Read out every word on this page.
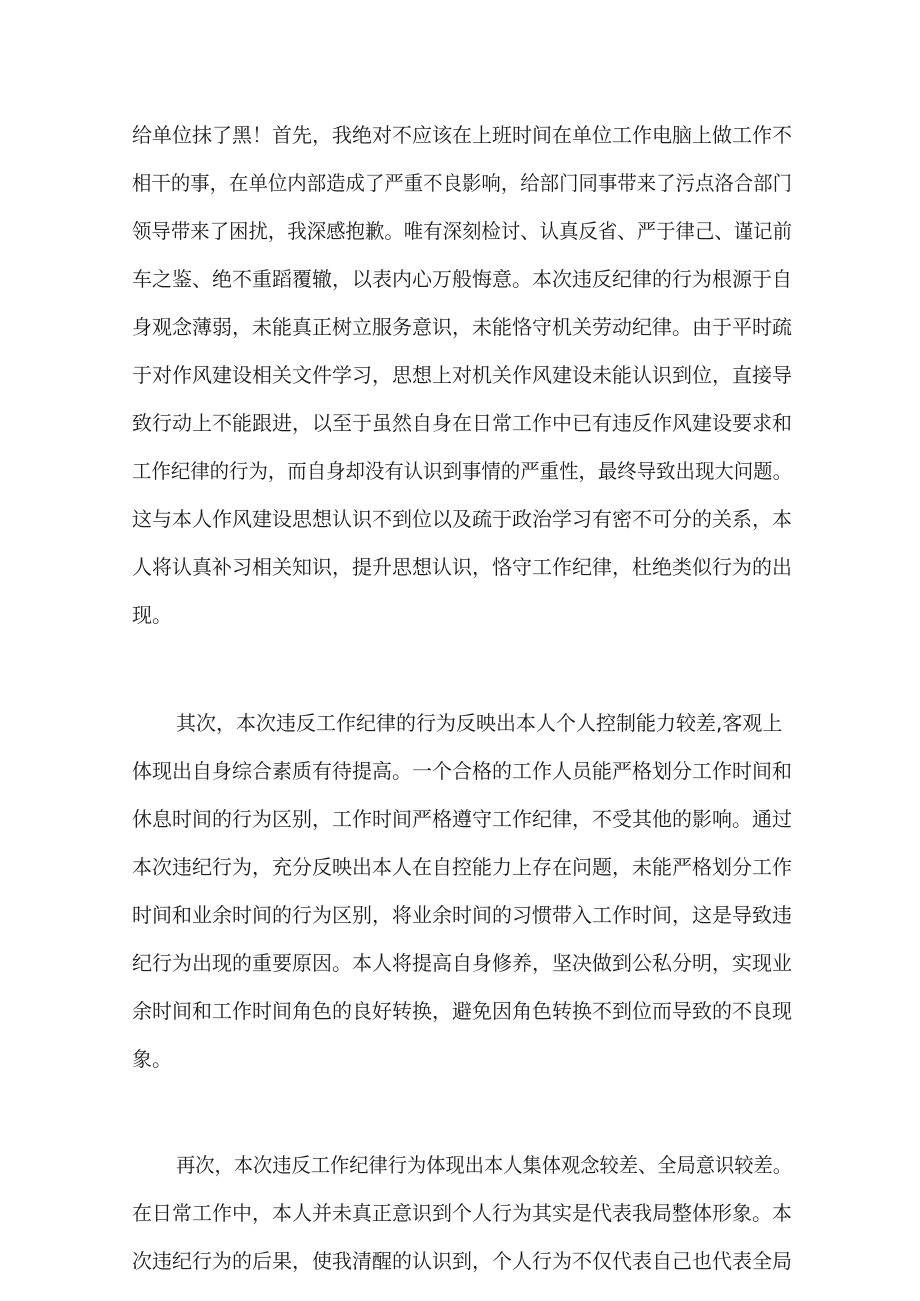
给单位抹了黑！首先，我绝对不应该在上班时间在单位工作电脑上做工作不
相干的事，在单位内部造成了严重不良影响，给部门同事带来了污点洛合部门
领导带来了困扰，我深感抱歉。唯有深刻检讨、认真反省、严于律己、谨记前
车之鉴、绝不重蹈覆辙，以表内心万般悔意。本次违反纪律的行为根源于自
身观念薄弱，未能真正树立服务意识，未能恪守机关劳动纪律。由于平时疏
于对作风建设相关文件学习，思想上对机关作风建设未能认识到位，直接导
致行动上不能跟进，以至于虽然自身在日常工作中已有违反作风建设要求和
工作纪律的行为，而自身却没有认识到事情的严重性，最终导致出现大问题。
这与本人作风建设思想认识不到位以及疏于政治学习有密不可分的关系，本
人将认真补习相关知识，提升思想认识，恪守工作纪律，杜绝类似行为的出
现。
其次，本次违反工作纪律的行为反映出本人个人控制能力较差,客观上
体现出自身综合素质有待提高。一个合格的工作人员能严格划分工作时间和
休息时间的行为区别，工作时间严格遵守工作纪律，不受其他的影响。通过
本次违纪行为，充分反映出本人在自控能力上存在问题，未能严格划分工作
时间和业余时间的行为区别，将业余时间的习惯带入工作时间，这是导致违
纪行为出现的重要原因。本人将提高自身修养，坚决做到公私分明，实现业
余时间和工作时间角色的良好转换，避免因角色转换不到位而导致的不良现
象。
再次，本次违反工作纪律行为体现出本人集体观念较差、全局意识较差。
在日常工作中，本人并未真正意识到个人行为其实是代表我局整体形象。本
次违纪行为的后果，使我清醒的认识到，个人行为不仅代表自己也代表全局
